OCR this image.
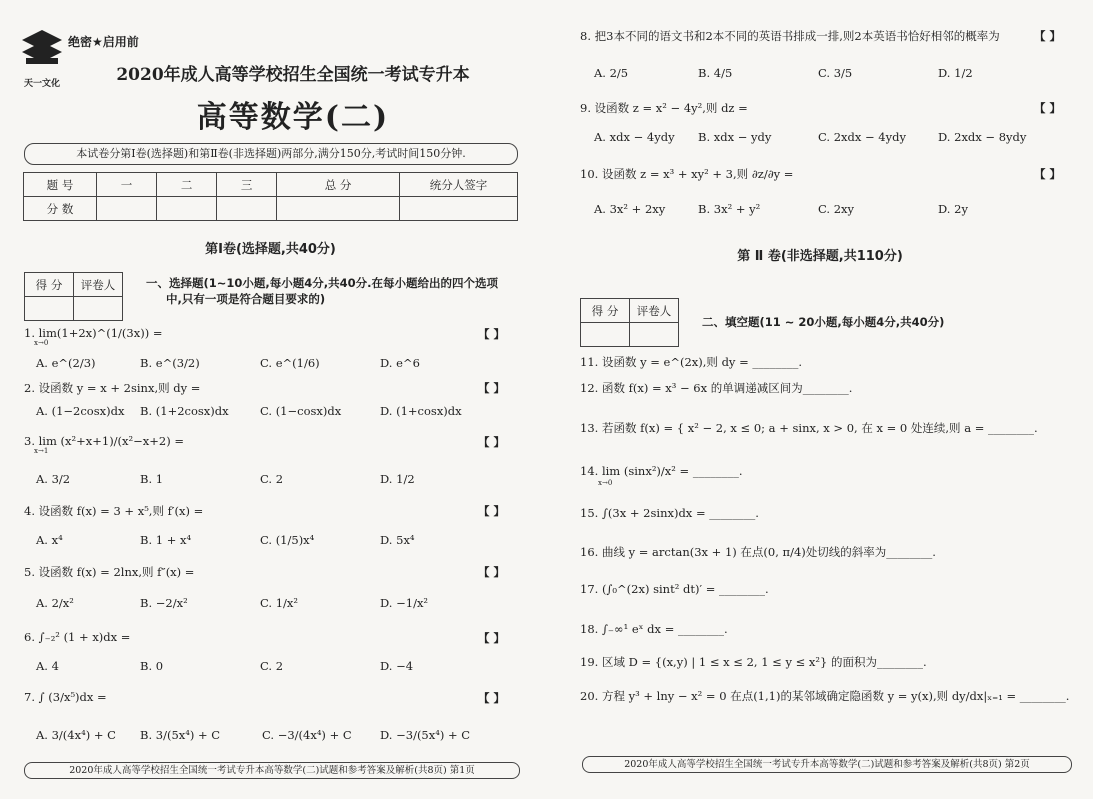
天一文化
绝密★启用前
2020年成人高等学校招生全国统一考试专升本
高等数学(二)
本试卷分第Ⅰ卷(选择题)和第Ⅱ卷(非选择题)两部分,满分150分,考试时间150分钟.
题 号	一	二	三	总 分	统分人签字
分 数					
第Ⅰ卷(选择题,共40分)
得 分	评卷人
		一、选择题(1~10小题,每小题4分,共40分.在每小题给出的四个选项
中,只有一项是符合题目要求的)
1. lim(1+2x)^(1/(3x)) =
x→0
【 】
A. e^(2/3)	B. e^(3/2)	C. e^(1/6)	D. e^6
2. 设函数 y = x + 2sinx,则 dy =	【 】
A. (1−2cosx)dx B. (1+2cosx)dx	C. (1−cosx)dx	D. (1+cosx)dx
3. lim (x²+x+1)/(x²−x+2) =
x→1
【 】
A. 3/2	B. 1	C. 2	D. 1/2
4. 设函数 f(x) = 3 + x⁵,则 f′(x) =	【 】
A. x⁴	B. 1 + x⁴	C. (1/5)x⁴	D. 5x⁴
5. 设函数 f(x) = 2lnx,则 f″(x) =	【 】
A. 2/x²	B. −2/x²	C. 1/x²	D. −1/x²
6. ∫₋₂² (1 + x)dx =	【 】
A. 4	B. 0	C. 2	D. −4
7. ∫ (3/x⁵)dx =	【 】
A. 3/(4x⁴) + C B. 3/(5x⁴) + C	C. −3/(4x⁴) + C D. −3/(5x⁴) + C
2020年成人高等学校招生全国统一考试专升本高等数学(二)试题和参考答案及解析(共8页) 第1页
8. 把3本不同的语文书和2本不同的英语书排成一排,则2本英语书恰好相邻的概率为	【 】
A. 2/5	B. 4/5	C. 3/5	D. 1/2
9. 设函数 z = x² − 4y²,则 dz =	【 】
A. xdx − 4ydy B. xdx − ydy	C. 2xdx − 4ydy	D. 2xdx − 8ydy
10. 设函数 z = x³ + xy² + 3,则 ∂z/∂y =	【 】
A. 3x² + 2xy	B. 3x² + y²	C. 2xy	D. 2y
第 Ⅱ 卷(非选择题,共110分)
得 分	评卷人

二、填空题(11 ~ 20小题,每小题4分,共40分)
11. 设函数 y = e^(2x),则 dy = ________.
12. 函数 f(x) = x³ − 6x 的单调递减区间为________.
13. 若函数 f(x) = { x² − 2, x ≤ 0; a + sinx, x > 0, 在 x = 0 处连续,则 a = ________.
14. lim (sinx²)/x² = ________.
x→0
15. ∫(3x + 2sinx)dx = ________.
16. 曲线 y = arctan(3x + 1) 在点(0, π/4)处切线的斜率为________.
17. (∫₀^(2x) sint² dt)′ = ________.
18. ∫₋∞¹ eˣ dx = ________.
19. 区域 D = {(x,y) | 1 ≤ x ≤ 2, 1 ≤ y ≤ x²} 的面积为________.
20. 方程 y³ + lny − x² = 0 在点(1,1)的某邻域确定隐函数 y = y(x),则 dy/dx|ₓ₌₁ = ________.
2020年成人高等学校招生全国统一考试专升本高等数学(二)试题和参考答案及解析(共8页) 第2页
